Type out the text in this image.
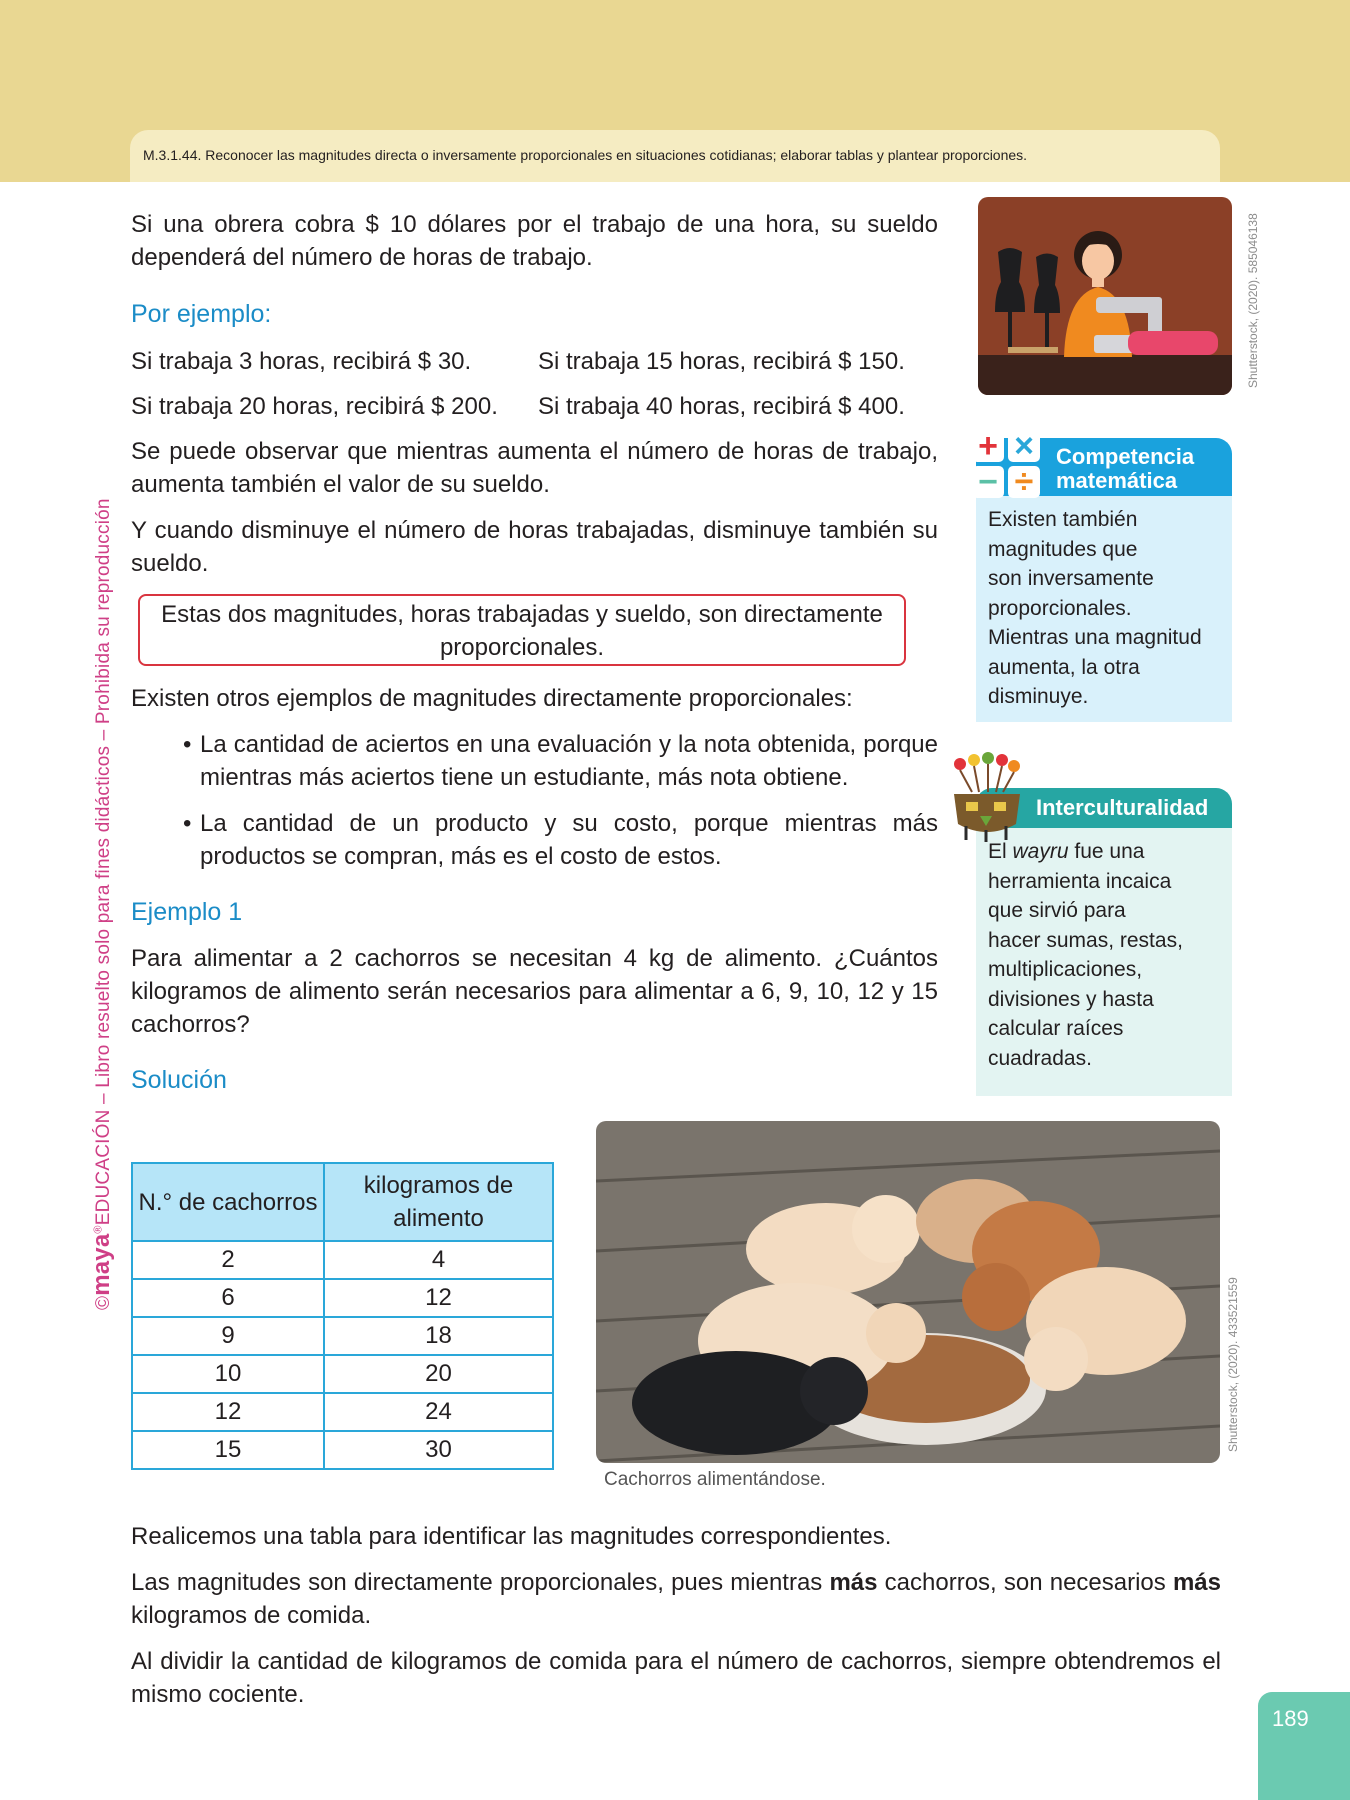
M.3.1.44. Reconocer las magnitudes directa o inversamente proporcionales en situaciones cotidianas; elaborar tablas y plantear proporciones.
©maya®EDUCACIÓN – Libro resuelto solo para fines didácticos – Prohibida su reproducción
Si una obrera cobra $ 10 dólares por el trabajo de una hora, su sueldo dependerá del número de horas de trabajo.
Por ejemplo:
Si trabaja 3 horas, recibirá $ 30.	Si trabaja 15 horas, recibirá $ 150.
Si trabaja 20 horas, recibirá $ 200. Si trabaja 40 horas, recibirá $ 400.
Se puede observar que mientras aumenta el número de horas de trabajo, aumenta también el valor de su sueldo.
Y cuando disminuye el número de horas trabajadas, disminuye también su sueldo.
Estas dos magnitudes, horas trabajadas y sueldo, son directamente proporcionales.
Existen otros ejemplos de magnitudes directamente proporcionales:
• La cantidad de aciertos en una evaluación y la nota obtenida, porque mientras más aciertos tiene un estudiante, más nota obtiene.
• La cantidad de un producto y su costo, porque mientras más productos se compran, más es el costo de estos.
Ejemplo 1
Para alimentar a 2 cachorros se necesitan 4 kg de alimento. ¿Cuántos kilogramos de alimento serán necesarios para alimentar a 6, 9, 10, 12 y 15 cachorros?
Solución
N.° de cachorros	kilogramos de alimento
2	4
6	12
9	18
10	20
12	24
15	30
Shutterstock, (2020). 585046138
Competencia
matemática
Existen también
magnitudes que
son inversamente
proporcionales.
Mientras una magnitud
aumenta, la otra
disminuye.
+ ×
− ÷
Interculturalidad
El wayru fue una
herramienta incaica
que sirvió para
hacer sumas, restas,
multiplicaciones,
divisiones y hasta
calcular raíces
cuadradas.
Shutterstock, (2020). 433521559
Cachorros alimentándose.
Realicemos una tabla para identificar las magnitudes correspondientes.
Las magnitudes son directamente proporcionales, pues mientras más cachorros, son necesarios más kilogramos de comida.
Al dividir la cantidad de kilogramos de comida para el número de cachorros, siempre obtendremos el mismo cociente.
189
